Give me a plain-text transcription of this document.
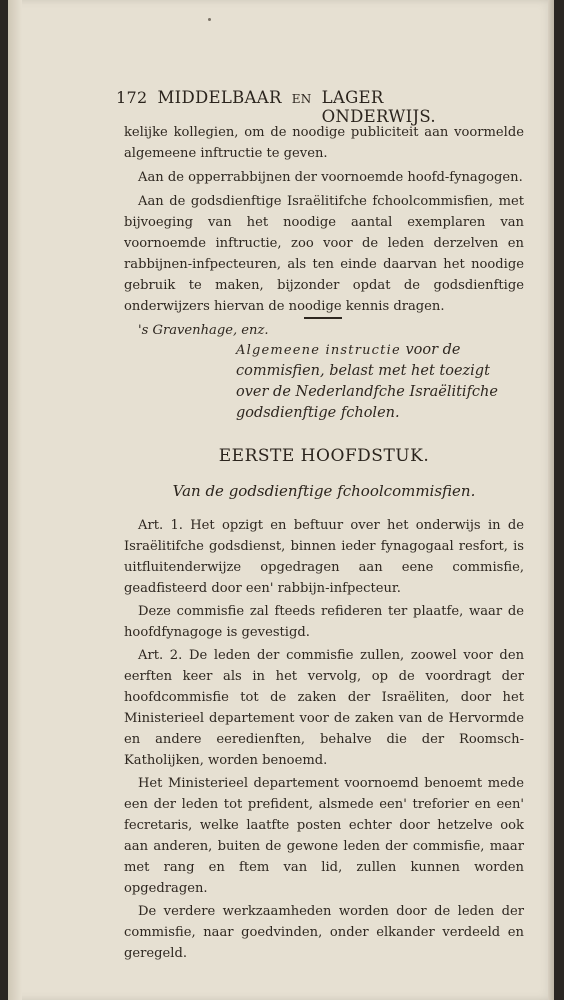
172 MIDDELBAAR EN LAGER ONDERWIJS.

kelijke kollegien, om de noodige publiciteit aan voormelde algemeene inftructie te geven.

Aan de opperrabbijnen der voornoemde hoofd-fynagogen.

Aan de godsdienftige Israëlitifche fchoolcommisfien, met bijvoeging van het noodige aantal exemplaren van voornoemde inftructie, zoo voor de leden derzelven en rabbijnen-infpecteuren, als ten einde daarvan het noodige gebruik te maken, bijzonder opdat de godsdienftige onderwijzers hiervan de noodige kennis dragen.

's Gravenhage, enz.

Algemeene instructie voor de

commisfien, belast met het toezigt

over de Nederlandfche Israëlitifche

godsdienftige fcholen.

EERSTE HOOFDSTUK.
Van de godsdienftige fchoolcommisfien.

Art. 1. Het opzigt en beftuur over het onderwijs in de Israëlitifche godsdienst, binnen ieder fynagogaal resfort, is uitfluitenderwijze opgedragen aan eene commisfie, geadfisteerd door een' rabbijn-infpecteur.

Deze commisfie zal fteeds refideren ter plaatfe, waar de hoofdfynagoge is gevestigd.

Art. 2. De leden der commisfie zullen, zoowel voor den eerften keer als in het vervolg, op de voordragt der hoofdcommisfie tot de zaken der Israëliten, door het Ministerieel departement voor de zaken van de Hervormde en andere eeredienften, behalve die der Roomsch-Katholijken, worden benoemd.

Het Ministerieel departement voornoemd benoemt mede een der leden tot prefident, alsmede een' treforier en een' fecretaris, welke laatfte posten echter door hetzelve ook aan anderen, buiten de gewone leden der commisfie, maar met rang en ftem van lid, zullen kunnen worden opgedragen.

De verdere werkzaamheden worden door de leden der commisfie, naar goedvinden, onder elkander verdeeld en geregeld.
